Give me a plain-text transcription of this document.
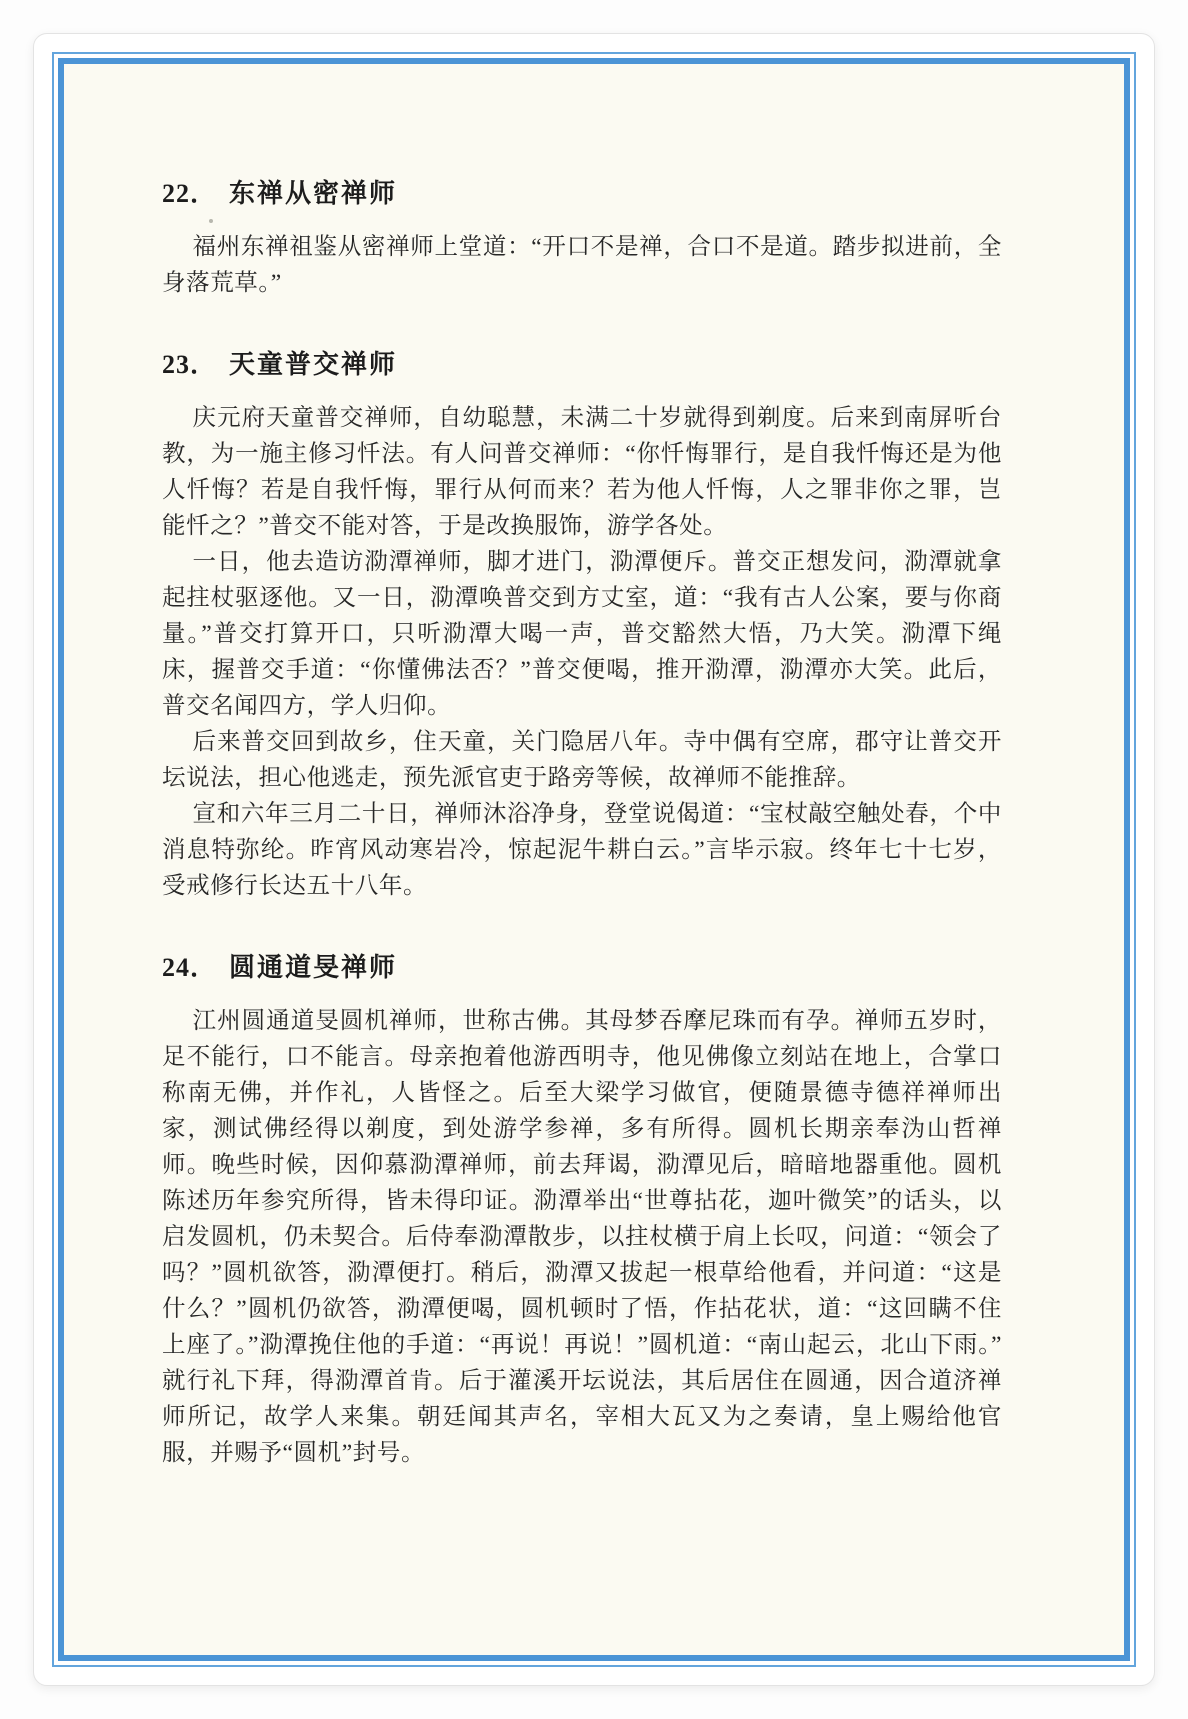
22． 东禅从密禅师

福州东禅祖鉴从密禅师上堂道：“开口不是禅，合口不是道。踏步拟进前，全身落荒草。”

23． 天童普交禅师

庆元府天童普交禅师，自幼聪慧，未满二十岁就得到剃度。后来到南屏听台教，为一施主修习忏法。有人问普交禅师：“你忏悔罪行，是自我忏悔还是为他人忏悔？若是自我忏悔，罪行从何而来？若为他人忏悔，人之罪非你之罪，岂能忏之？”普交不能对答，于是改换服饰，游学各处。

一日，他去造访泐潭禅师，脚才进门，泐潭便斥。普交正想发问，泐潭就拿起拄杖驱逐他。又一日，泐潭唤普交到方丈室，道：“我有古人公案，要与你商量。”普交打算开口，只听泐潭大喝一声，普交豁然大悟，乃大笑。泐潭下绳床，握普交手道：“你懂佛法否？”普交便喝，推开泐潭，泐潭亦大笑。此后，普交名闻四方，学人归仰。

后来普交回到故乡，住天童，关门隐居八年。寺中偶有空席，郡守让普交开坛说法，担心他逃走，预先派官吏于路旁等候，故禅师不能推辞。

宣和六年三月二十日，禅师沐浴净身，登堂说偈道：“宝杖敲空触处春，个中消息特弥纶。昨宵风动寒岩冷，惊起泥牛耕白云。”言毕示寂。终年七十七岁，受戒修行长达五十八年。

24． 圆通道旻禅师

江州圆通道旻圆机禅师，世称古佛。其母梦吞摩尼珠而有孕。禅师五岁时，足不能行，口不能言。母亲抱着他游西明寺，他见佛像立刻站在地上，合掌口称南无佛，并作礼，人皆怪之。后至大梁学习做官，便随景德寺德祥禅师出家，测试佛经得以剃度，到处游学参禅，多有所得。圆机长期亲奉沩山哲禅师。晚些时候，因仰慕泐潭禅师，前去拜谒，泐潭见后，暗暗地器重他。圆机陈述历年参究所得，皆未得印证。泐潭举出“世尊拈花，迦叶微笑”的话头，以启发圆机，仍未契合。后侍奉泐潭散步，以拄杖横于肩上长叹，问道：“领会了吗？”圆机欲答，泐潭便打。稍后，泐潭又拔起一根草给他看，并问道：“这是什么？”圆机仍欲答，泐潭便喝，圆机顿时了悟，作拈花状，道：“这回瞒不住上座了。”泐潭挽住他的手道：“再说！再说！”圆机道：“南山起云，北山下雨。”就行礼下拜，得泐潭首肯。后于灌溪开坛说法，其后居住在圆通，因合道济禅师所记，故学人来集。朝廷闻其声名，宰相大瓦又为之奏请，皇上赐给他官服，并赐予“圆机”封号。
